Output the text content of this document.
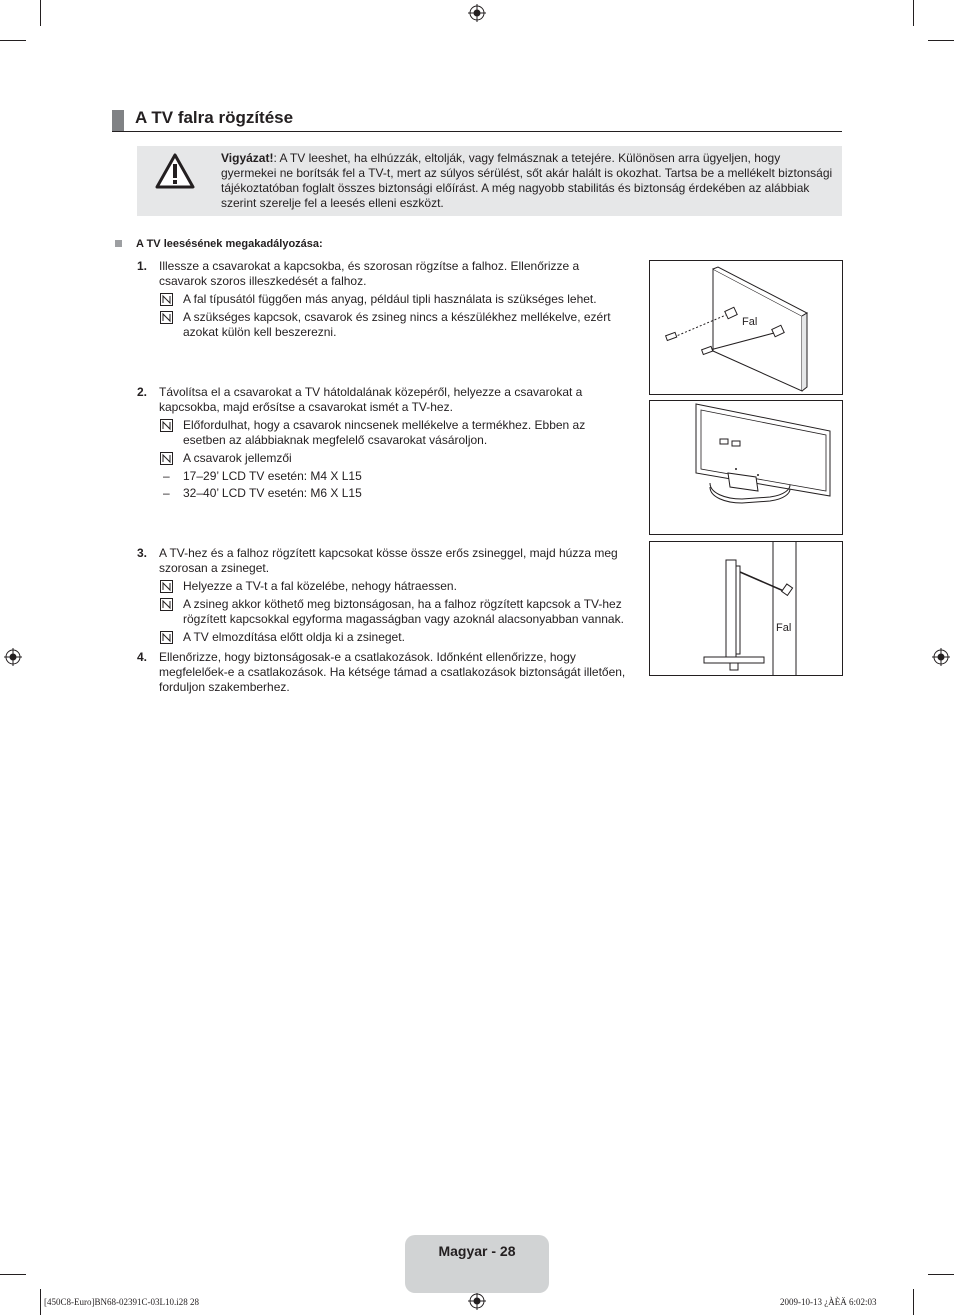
A TV falra rögzítése
Vigyázat!: A TV leeshet, ha elhúzzák, eltolják, vagy felmásznak a tetejére. Különösen arra ügyeljen, hogy gyermekei ne borítsák fel a TV-t, mert az súlyos sérülést, sőt akár halált is okozhat. Tartsa be a mellékelt biztonsági tájékoztatóban foglalt összes biztonsági előírást. A még nagyobb stabilitás és biztonság érdekében az alábbiak szerint szerelje fel a leesés elleni eszközt.
A TV leesésének megakadályozása:
1. Illessze a csavarokat a kapcsokba, és szorosan rögzítse a falhoz. Ellenőrizze a csavarok szoros illeszkedését a falhoz.
A fal típusától függően más anyag, például tipli használata is szükséges lehet.
A szükséges kapcsok, csavarok és zsineg nincs a készülékhez mellékelve, ezért azokat külön kell beszerezni.
2. Távolítsa el a csavarokat a TV hátoldalának közepéről, helyezze a csavarokat a kapcsokba, majd erősítse a csavarokat ismét a TV-hez.
Előfordulhat, hogy a csavarok nincsenek mellékelve a termékhez. Ebben az esetben az alábbiaknak megfelelő csavarokat vásároljon.
A csavarok jellemzői
– 17–29’ LCD TV esetén: M4 X L15
– 32–40’ LCD TV esetén: M6 X L15
3. A TV-hez és a falhoz rögzített kapcsokat kösse össze erős zsineggel, majd húzza meg szorosan a zsineget.
Helyezze a TV-t a fal közelébe, nehogy hátraessen.
A zsineg akkor köthető meg biztonságosan, ha a falhoz rögzített kapcsok a TV-hez rögzített kapcsokkal egyforma magasságban vagy azoknál alacsonyabban vannak.
A TV elmozdítása előtt oldja ki a zsineget.
4. Ellenőrizze, hogy biztonságosak-e a csatlakozások. Időnként ellenőrizze, hogy megfelelőek-e a csatlakozások. Ha kétsége támad a csatlakozások biztonságát illetően, forduljon szakemberhez.
Fal
Fal
Magyar - 28
[450C8-Euro]BN68-02391C-03L10.i28 28	2009-10-13 ¿ÀÈÄ 6:02:03
